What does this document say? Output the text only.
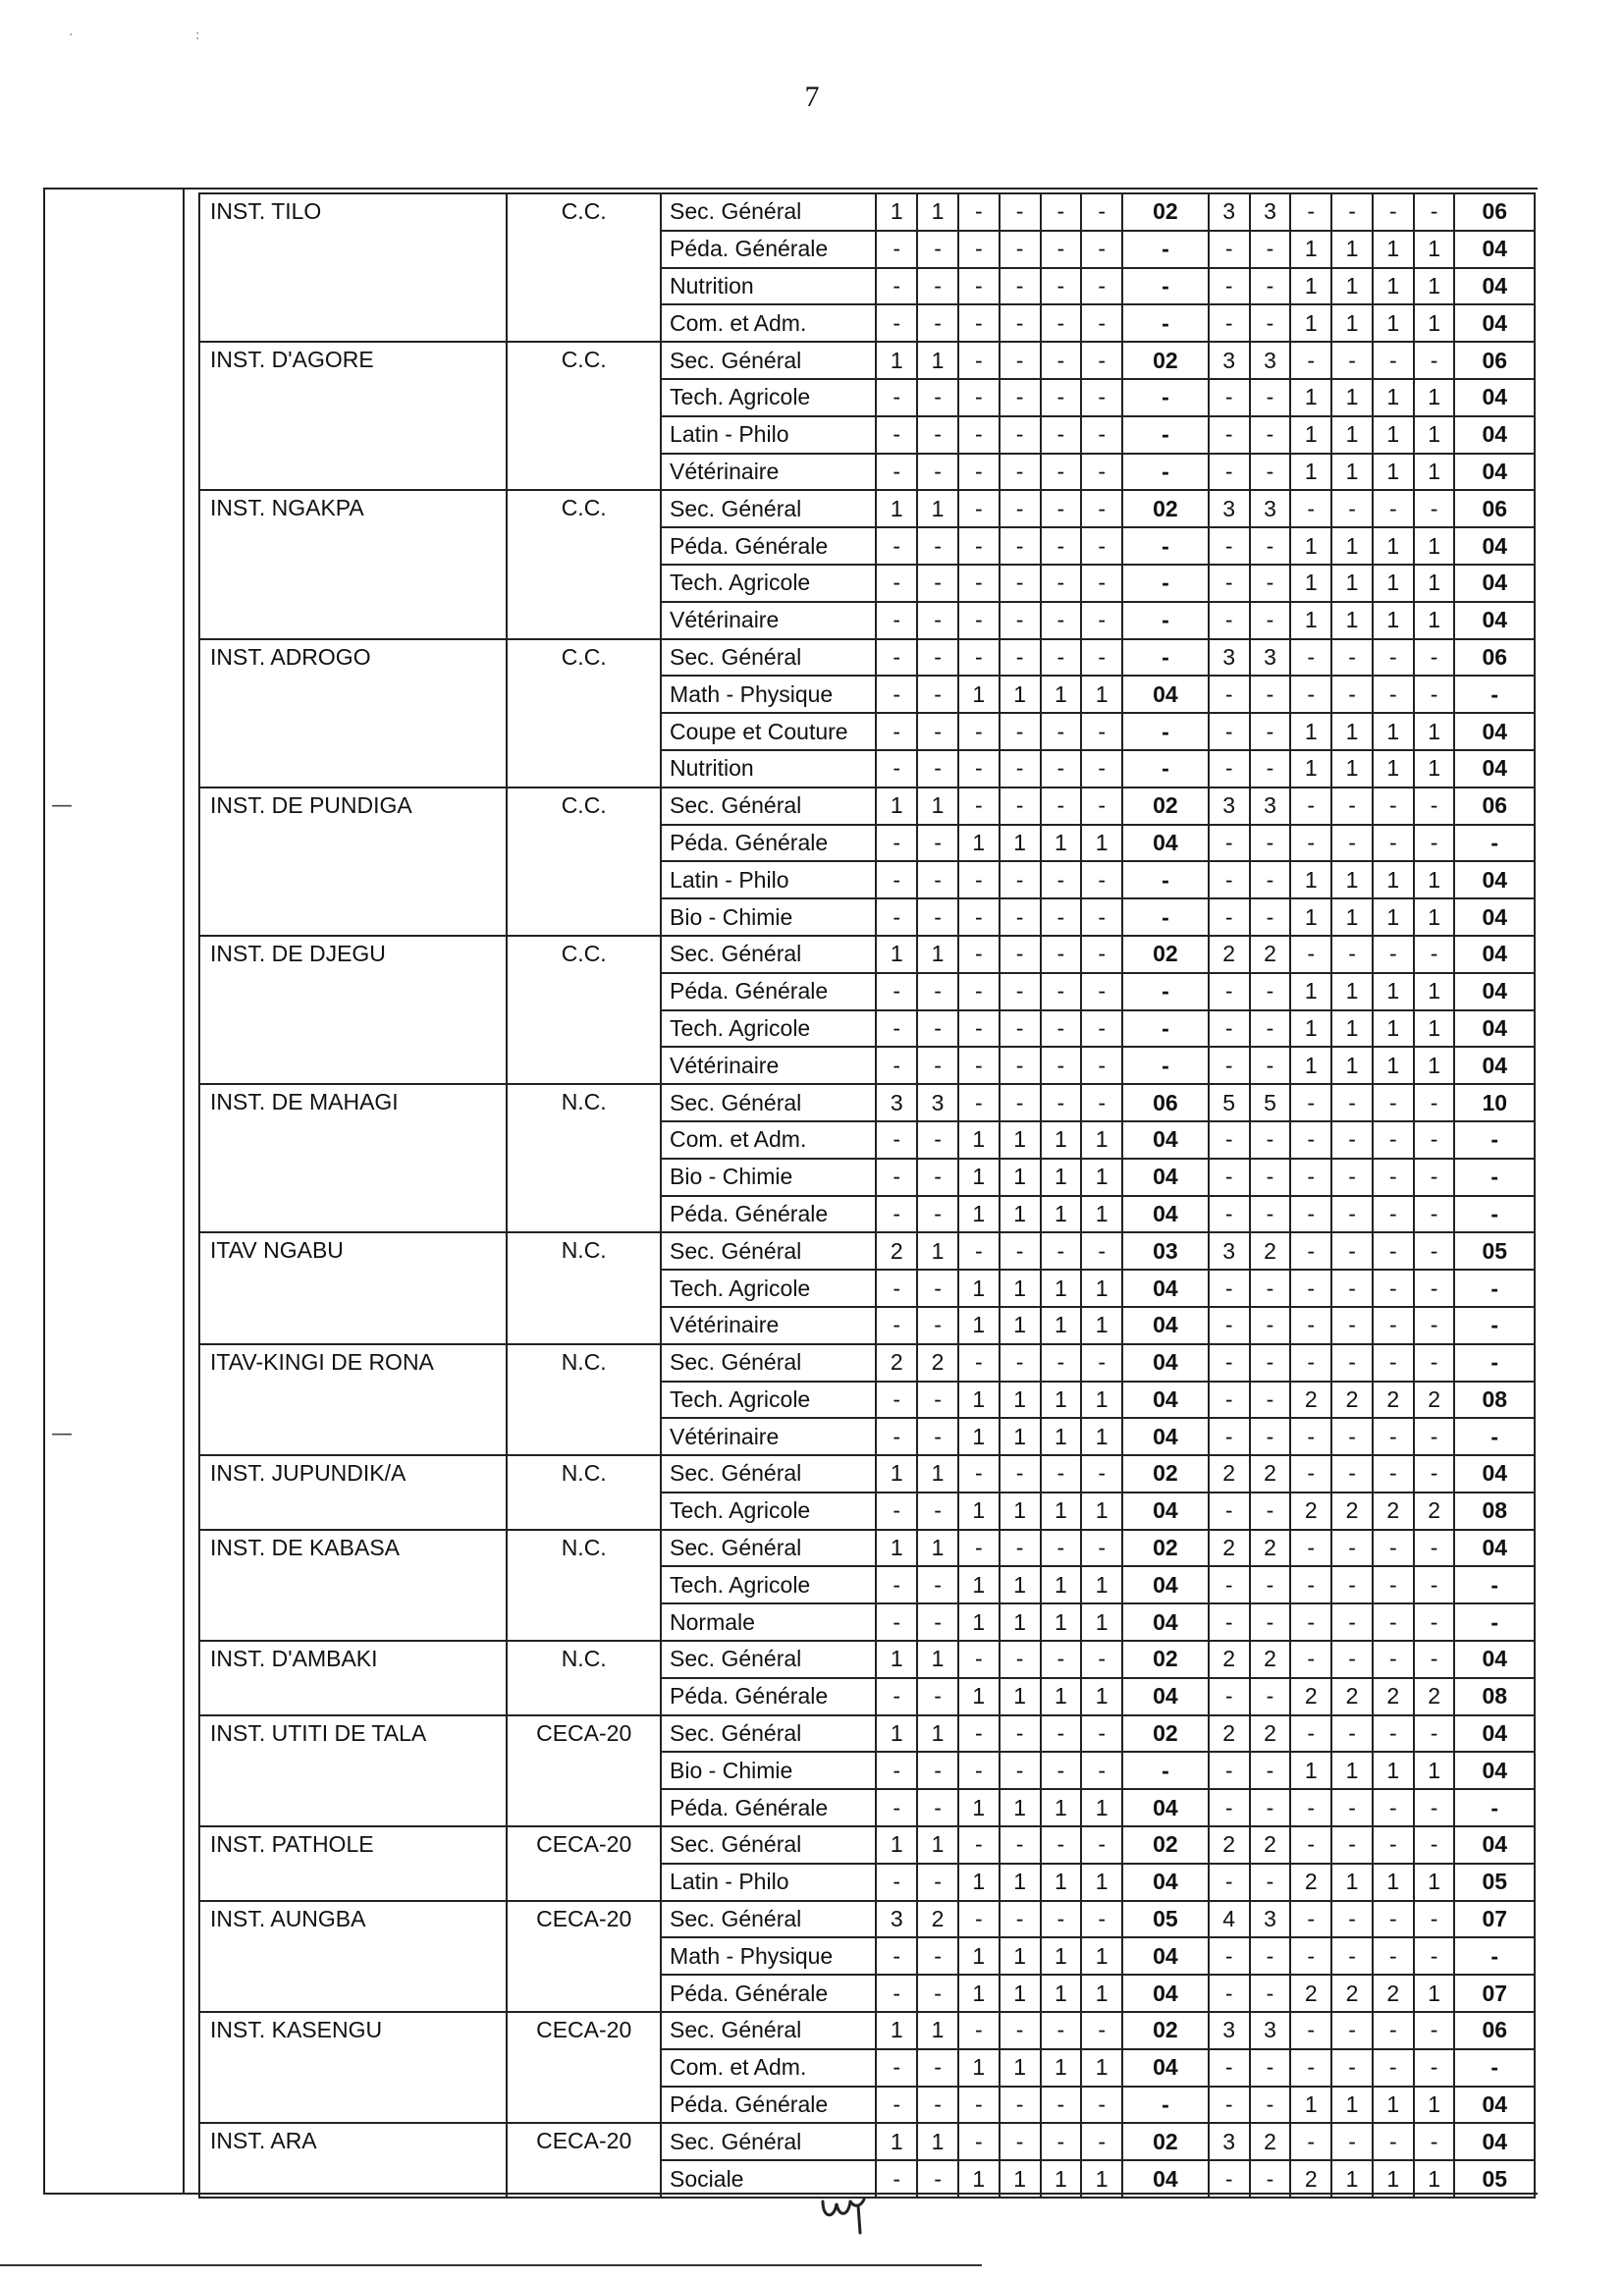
· :
7
—
—
INST. TILO	C.C.	Sec. Général	1	1	-	-	-	-	02	3	3	-	-	-	-	06
		Péda. Générale	-	-	-	-	-	-	-	-	-	1	1	1	1	04
		Nutrition	-	-	-	-	-	-	-	-	-	1	1	1	1	04
		Com. et Adm.	-	-	-	-	-	-	-	-	-	1	1	1	1	04
INST. D'AGORE	C.C.	Sec. Général	1	1	-	-	-	-	02	3	3	-	-	-	-	06
		Tech. Agricole	-	-	-	-	-	-	-	-	-	1	1	1	1	04
		Latin - Philo	-	-	-	-	-	-	-	-	-	1	1	1	1	04
		Vétérinaire	-	-	-	-	-	-	-	-	-	1	1	1	1	04
INST. NGAKPA	C.C.	Sec. Général	1	1	-	-	-	-	02	3	3	-	-	-	-	06
		Péda. Générale	-	-	-	-	-	-	-	-	-	1	1	1	1	04
		Tech. Agricole	-	-	-	-	-	-	-	-	-	1	1	1	1	04
		Vétérinaire	-	-	-	-	-	-	-	-	-	1	1	1	1	04
INST. ADROGO	C.C.	Sec. Général	-	-	-	-	-	-	-	3	3	-	-	-	-	06
		Math - Physique	-	-	1	1	1	1	04	-	-	-	-	-	-	-
		Coupe et Couture	-	-	-	-	-	-	-	-	-	1	1	1	1	04
		Nutrition	-	-	-	-	-	-	-	-	-	1	1	1	1	04
INST. DE PUNDIGA	C.C.	Sec. Général	1	1	-	-	-	-	02	3	3	-	-	-	-	06
		Péda. Générale	-	-	1	1	1	1	04	-	-	-	-	-	-	-
		Latin - Philo	-	-	-	-	-	-	-	-	-	1	1	1	1	04
		Bio - Chimie	-	-	-	-	-	-	-	-	-	1	1	1	1	04
INST. DE DJEGU	C.C.	Sec. Général	1	1	-	-	-	-	02	2	2	-	-	-	-	04
		Péda. Générale	-	-	-	-	-	-	-	-	-	1	1	1	1	04
		Tech. Agricole	-	-	-	-	-	-	-	-	-	1	1	1	1	04
		Vétérinaire	-	-	-	-	-	-	-	-	-	1	1	1	1	04
INST. DE MAHAGI	N.C.	Sec. Général	3	3	-	-	-	-	06	5	5	-	-	-	-	10
		Com. et Adm.	-	-	1	1	1	1	04	-	-	-	-	-	-	-
		Bio - Chimie	-	-	1	1	1	1	04	-	-	-	-	-	-	-
		Péda. Générale	-	-	1	1	1	1	04	-	-	-	-	-	-	-
ITAV NGABU	N.C.	Sec. Général	2	1	-	-	-	-	03	3	2	-	-	-	-	05
		Tech. Agricole	-	-	1	1	1	1	04	-	-	-	-	-	-	-
		Vétérinaire	-	-	1	1	1	1	04	-	-	-	-	-	-	-
ITAV-KINGI DE RONA	N.C.	Sec. Général	2	2	-	-	-	-	04	-	-	-	-	-	-	-
		Tech. Agricole	-	-	1	1	1	1	04	-	-	2	2	2	2	08
		Vétérinaire	-	-	1	1	1	1	04	-	-	-	-	-	-	-
INST. JUPUNDIK/A	N.C.	Sec. Général	1	1	-	-	-	-	02	2	2	-	-	-	-	04
		Tech. Agricole	-	-	1	1	1	1	04	-	-	2	2	2	2	08
INST. DE KABASA	N.C.	Sec. Général	1	1	-	-	-	-	02	2	2	-	-	-	-	04
		Tech. Agricole	-	-	1	1	1	1	04	-	-	-	-	-	-	-
		Normale	-	-	1	1	1	1	04	-	-	-	-	-	-	-
INST. D'AMBAKI	N.C.	Sec. Général	1	1	-	-	-	-	02	2	2	-	-	-	-	04
		Péda. Générale	-	-	1	1	1	1	04	-	-	2	2	2	2	08
INST. UTITI DE TALA	CECA-20	Sec. Général	1	1	-	-	-	-	02	2	2	-	-	-	-	04
		Bio - Chimie	-	-	-	-	-	-	-	-	-	1	1	1	1	04
		Péda. Générale	-	-	1	1	1	1	04	-	-	-	-	-	-	-
INST. PATHOLE	CECA-20	Sec. Général	1	1	-	-	-	-	02	2	2	-	-	-	-	04
		Latin - Philo	-	-	1	1	1	1	04	-	-	2	1	1	1	05
INST. AUNGBA	CECA-20	Sec. Général	3	2	-	-	-	-	05	4	3	-	-	-	-	07
		Math - Physique	-	-	1	1	1	1	04	-	-	-	-	-	-	-
		Péda. Générale	-	-	1	1	1	1	04	-	-	2	2	2	1	07
INST. KASENGU	CECA-20	Sec. Général	1	1	-	-	-	-	02	3	3	-	-	-	-	06
		Com. et Adm.	-	-	1	1	1	1	04	-	-	-	-	-	-	-
		Péda. Générale	-	-	-	-	-	-	-	-	-	1	1	1	1	04
INST. ARA	CECA-20	Sec. Général	1	1	-	-	-	-	02	3	2	-	-	-	-	04
		Sociale	-	-	1	1	1	1	04	-	-	2	1	1	1	05
